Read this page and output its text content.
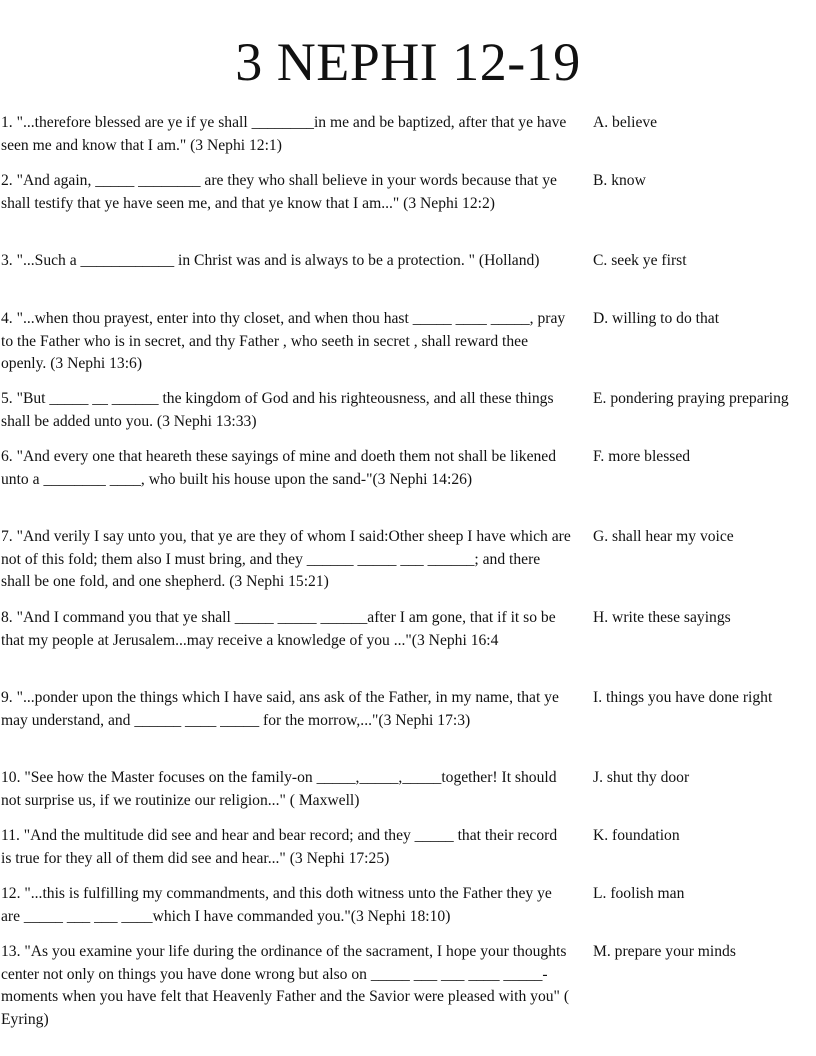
3 NEPHI 12-19
1. "...therefore blessed are ye if ye shall ________in me and be baptized, after that ye have seen me and know that I am." (3 Nephi 12:1)
A. believe
2. "And again, _____ ________ are they who shall believe in your words because that ye shall testify that ye have seen me, and that ye know that I am..." (3 Nephi 12:2)
B. know
3. "...Such a ____________ in Christ was and is always to be a protection. " (Holland)	C. seek ye first
4. "...when thou prayest, enter into thy closet, and when thou hast _____ ____ _____, pray to the Father who is in secret, and thy Father , who seeth in secret , shall reward thee openly. (3 Nephi 13:6)
D. willing to do that
5. "But _____ __ ______ the kingdom of God and his righteousness, and all these things shall be added unto you. (3 Nephi 13:33)
E. pondering praying preparing
6. "And every one that heareth these sayings of mine and doeth them not shall be likened unto a ________ ____, who built his house upon the sand-"(3 Nephi 14:26)
F. more blessed
7. "And verily I say unto you, that ye are they of whom I said:Other sheep I have which are not of this fold; them also I must bring, and they ______ _____ ___ ______; and there shall be one fold, and one shepherd. (3 Nephi 15:21)
G. shall hear my voice
8. "And I command you that ye shall _____ _____ ______after I am gone, that if it so be that my people at Jerusalem...may receive a knowledge of you ..."(3 Nephi 16:4
H. write these sayings
9. "...ponder upon the things which I have said, ans ask of the Father, in my name, that ye may understand, and ______ ____ _____ for the morrow,..."(3 Nephi 17:3)
I. things you have done right
10. "See how the Master focuses on the family-on _____,_____,_____together! It should not surprise us, if we routinize our religion..." ( Maxwell)
J. shut thy door
11. "And the multitude did see and hear and bear record; and they _____ that their record is true for they all of them did see and hear..." (3 Nephi 17:25)
K. foundation
12. "...this is fulfilling my commandments, and this doth witness unto the Father they ye are _____ ___ ___ ____which I have commanded you."(3 Nephi 18:10)
L. foolish man
13. "As you examine your life during the ordinance of the sacrament, I hope your thoughts center not only on things you have done wrong but also on _____ ___ ___ ____ _____-moments when you have felt that Heavenly Father and the Savior were pleased with you" ( Eyring)
M. prepare your minds
